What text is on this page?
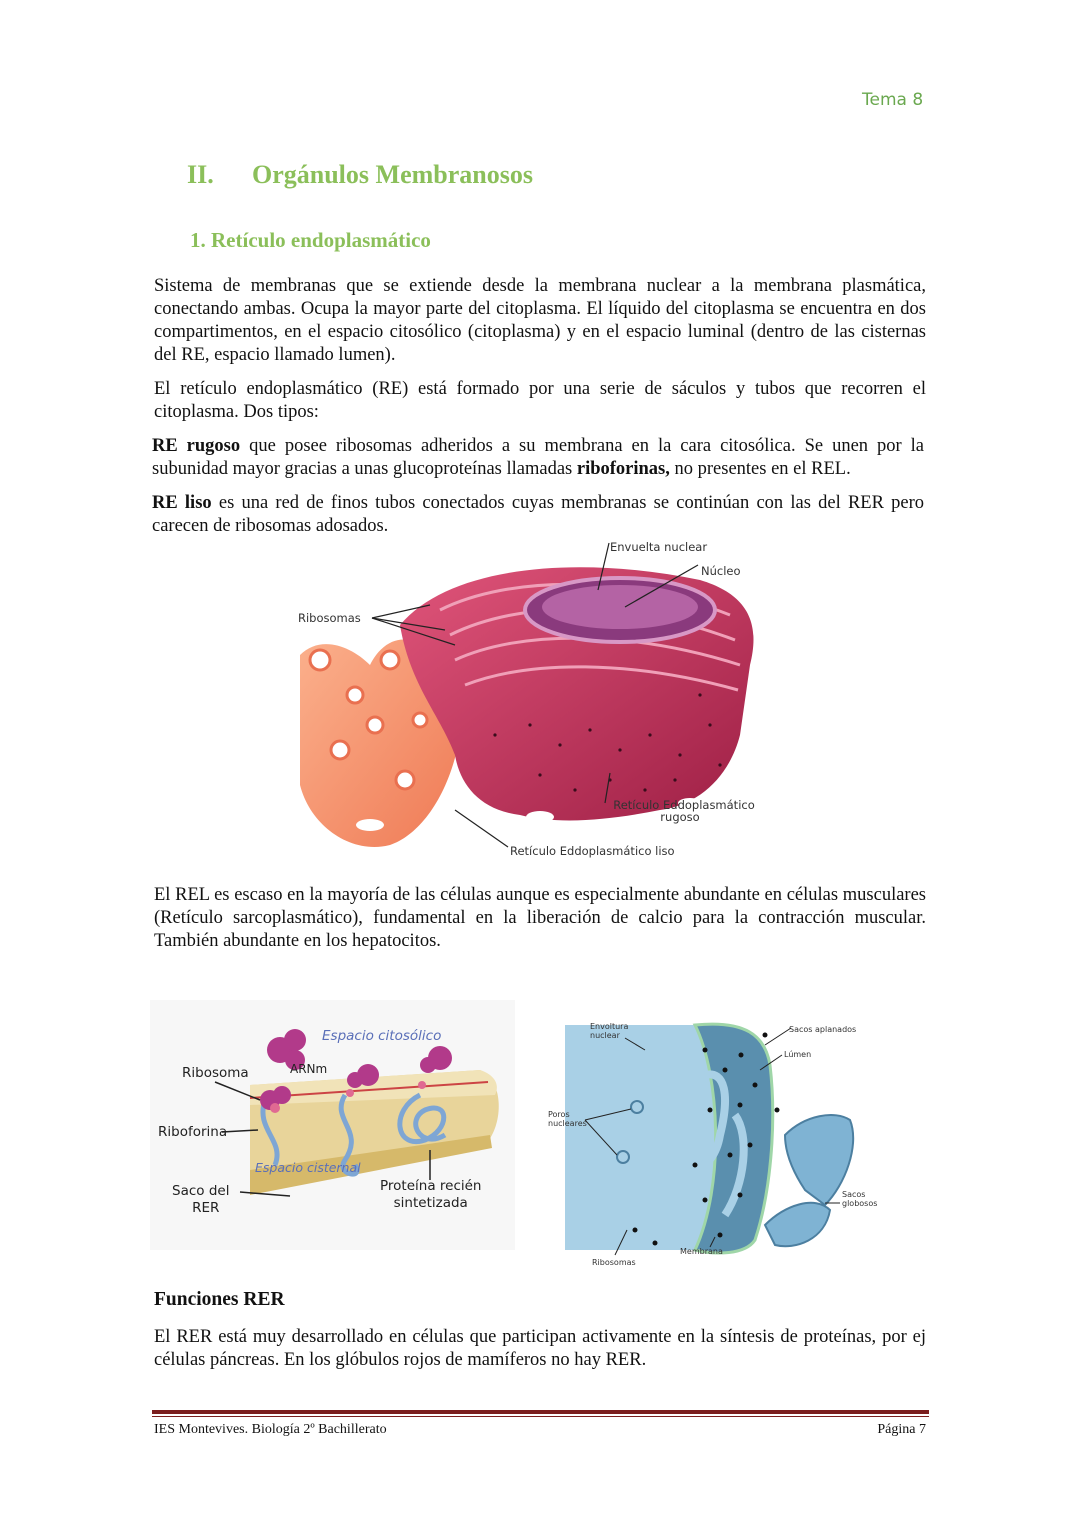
Tema 8
II. Orgánulos Membranosos
1. Retículo endoplasmático
Sistema de membranas que se extiende desde la membrana nuclear a la membrana plasmática, conectando ambas. Ocupa la mayor parte del citoplasma. El líquido del citoplasma se encuentra en dos compartimentos, en el espacio citosólico (citoplasma) y en el espacio luminal (dentro de las cisternas del RE, espacio llamado lumen).
El retículo endoplasmático (RE) está formado por una serie de sáculos y tubos que recorren el citoplasma. Dos tipos:
RE rugoso que posee ribosomas adheridos a su membrana en la cara citosólica. Se unen por la subunidad mayor gracias a unas glucoproteínas llamadas riboforinas, no presentes en el REL.
RE liso es una red de finos tubos conectados cuyas membranas se continúan con las del RER pero carecen de ribosomas adosados.
Envuelta nuclear
Núcleo
Ribosomas
Retículo Eddoplasmático
rugoso
Retículo Eddoplasmático liso
El REL es escaso en la mayoría de las células aunque es especialmente abundante en células musculares (Retículo sarcoplasmático), fundamental en la liberación de calcio para la contracción muscular. También abundante en los hepatocitos.
Espacio citosólico
Ribosoma	ARNm
Riboforina
Espacio cisternal
Saco del
RER
Proteína recién
sintetizada
Envoltura
nuclear
Poros
nucleares
Sacos aplanados
Lúmen
Sacos
globosos
Membrana
Ribosomas
Funciones RER
El RER está muy desarrollado en células que participan activamente en la síntesis de proteínas, por ej células páncreas. En los glóbulos rojos de mamíferos no hay RER.
IES Montevives. Biología 2º Bachillerato	Página 7
